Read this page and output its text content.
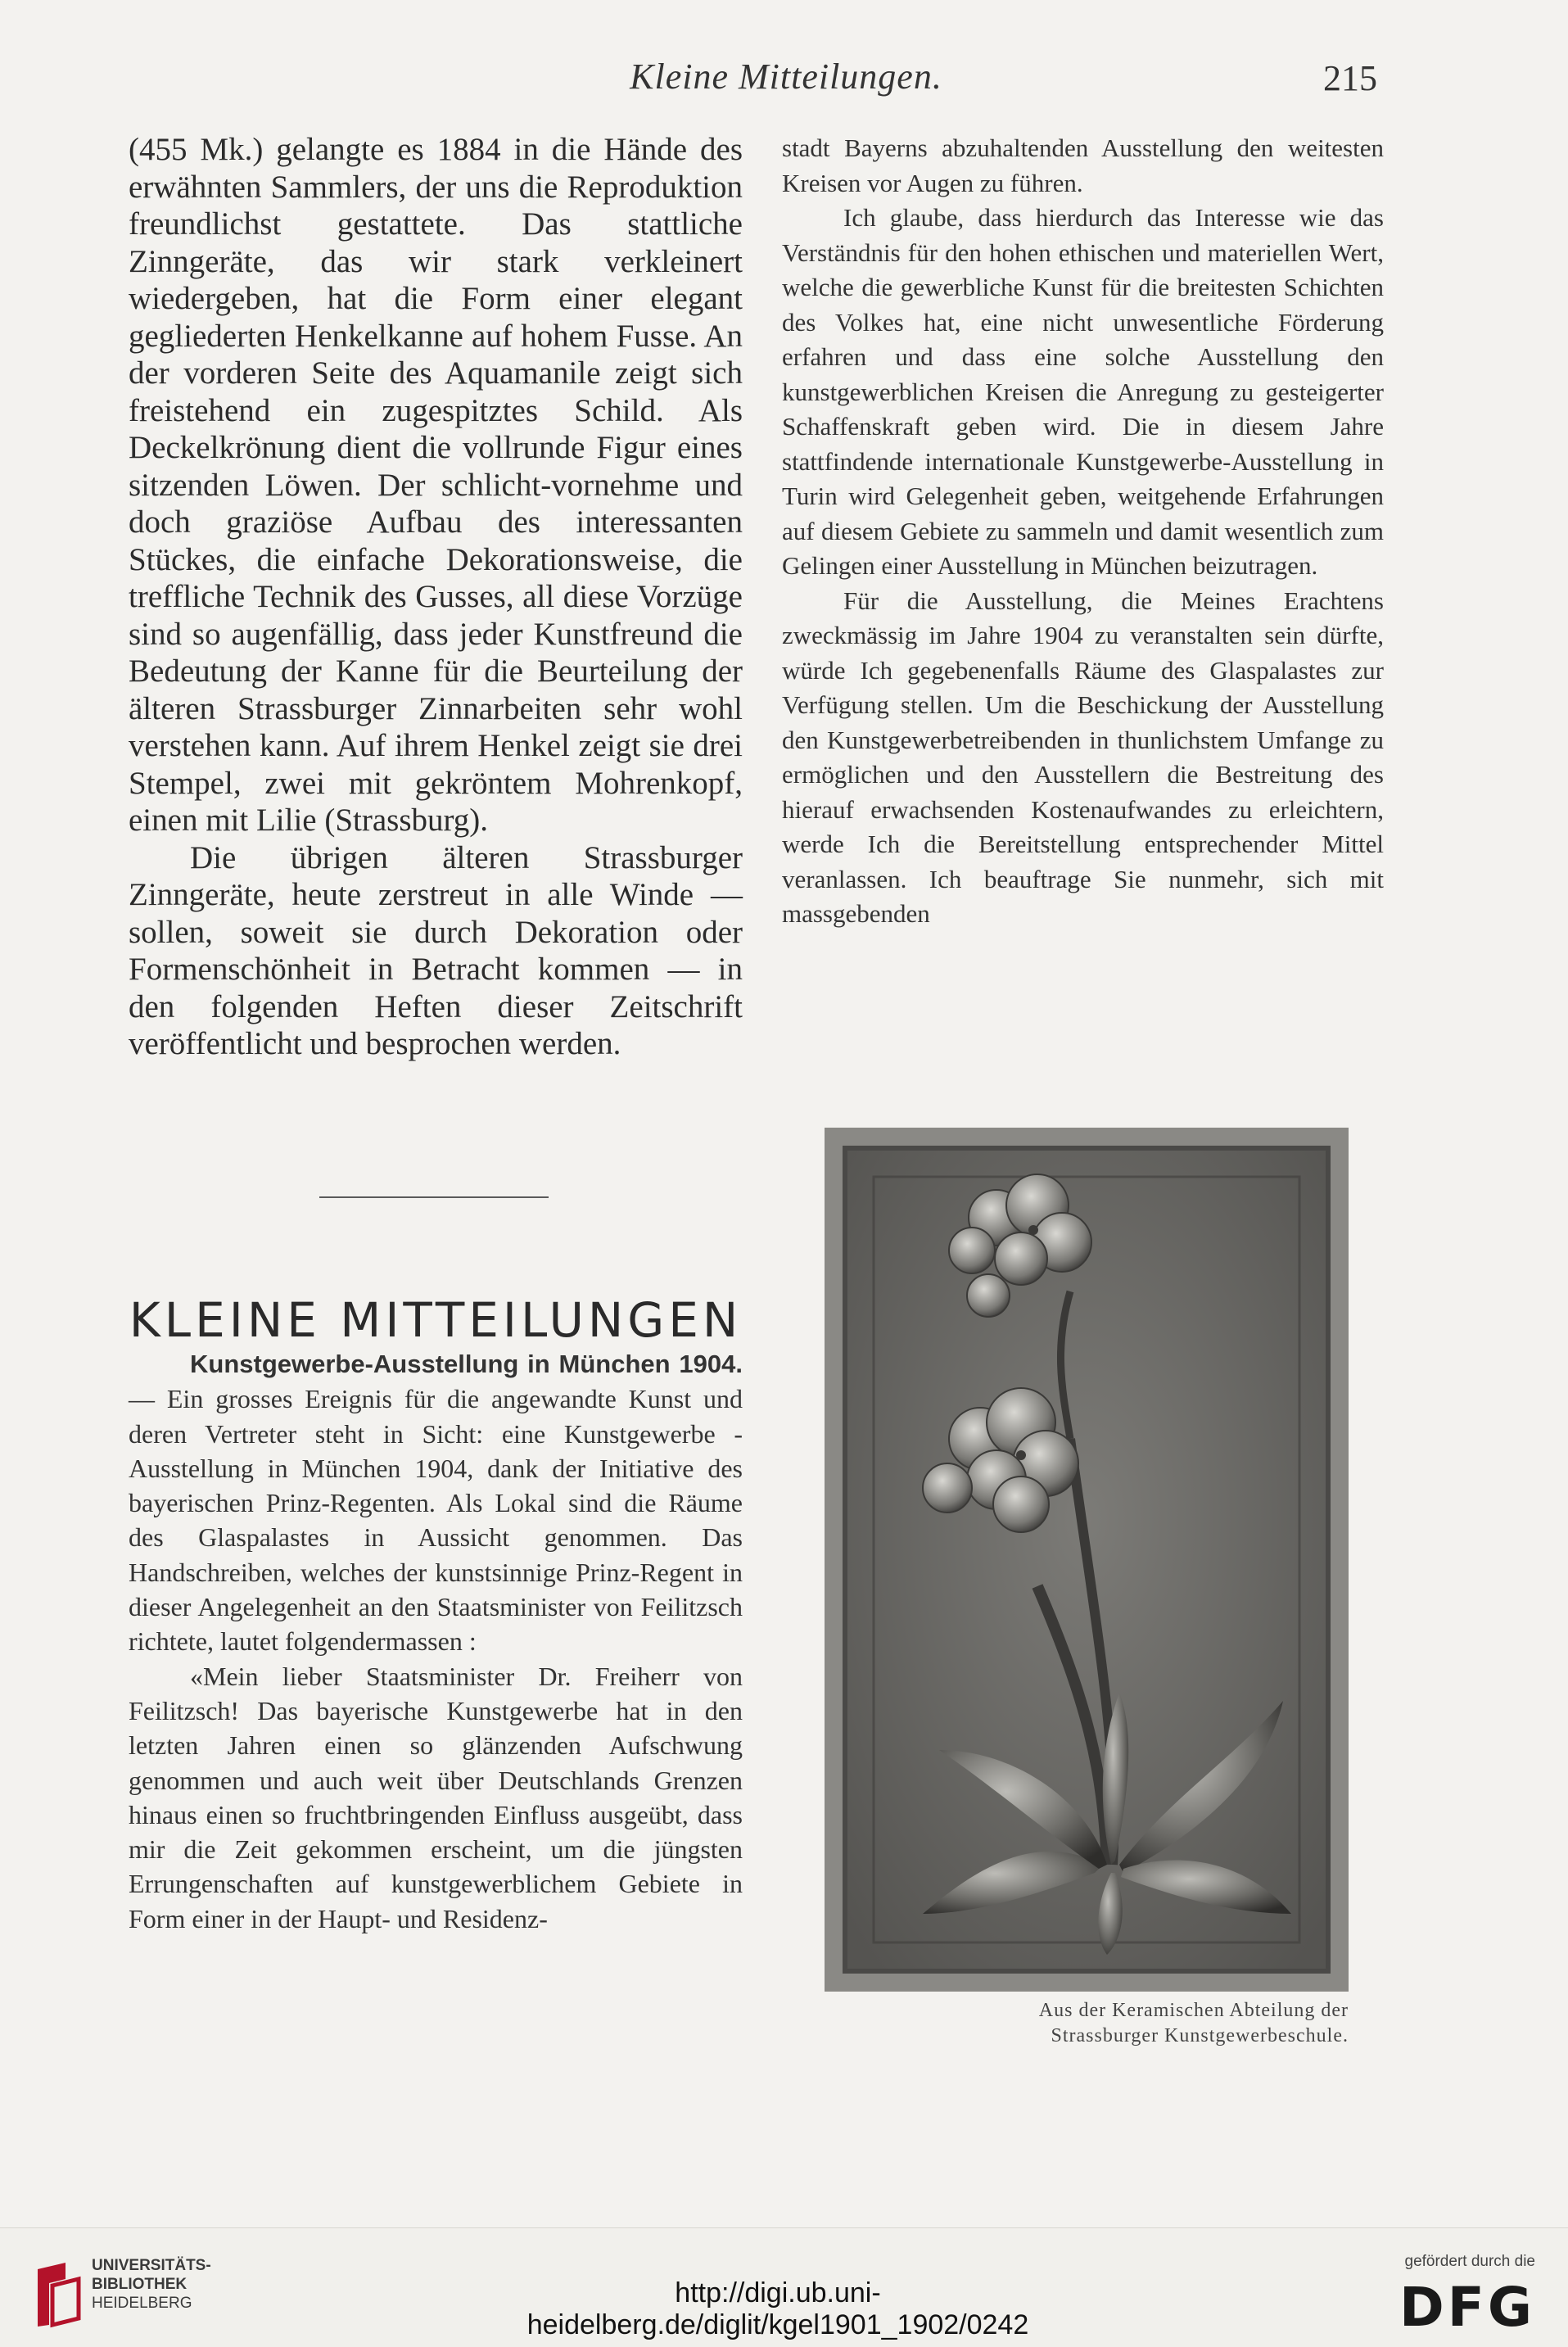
Kleine Mitteilungen.	215

(455 Mk.) gelangte es 1884 in die Hände des erwähnten Sammlers, der uns die Reproduktion freundlichst gestattete. Das stattliche Zinngeräte, das wir stark verkleinert wiedergeben, hat die Form einer elegant gegliederten Henkelkanne auf hohem Fusse. An der vorderen Seite des Aquamanile zeigt sich freistehend ein zugespitztes Schild. Als Deckelkrönung dient die vollrunde Figur eines sitzenden Löwen. Der schlicht-vornehme und doch graziöse Aufbau des interessanten Stückes, die einfache Dekorationsweise, die treffliche Technik des Gusses, all diese Vorzüge sind so augenfällig, dass jeder Kunstfreund die Bedeutung der Kanne für die Beurteilung der älteren Strassburger Zinnarbeiten sehr wohl verstehen kann. Auf ihrem Henkel zeigt sie drei Stempel, zwei mit gekröntem Mohrenkopf, einen mit Lilie (Strassburg).

Die übrigen älteren Strassburger Zinngeräte, heute zerstreut in alle Winde — sollen, soweit sie durch Dekoration oder Formenschönheit in Betracht kommen — in den folgenden Heften dieser Zeitschrift veröffentlicht und besprochen werden.

KLEINE MITTEILUNGEN

Kunstgewerbe-Ausstellung in München 1904. — Ein grosses Ereignis für die angewandte Kunst und deren Vertreter steht in Sicht: eine Kunstgewerbe - Ausstellung in München 1904, dank der Initiative des bayerischen Prinz-Regenten. Als Lokal sind die Räume des Glaspalastes in Aussicht genommen. Das Handschreiben, welches der kunstsinnige Prinz-Regent in dieser Angelegenheit an den Staatsminister von Feilitzsch richtete, lautet folgendermassen :

«Mein lieber Staatsminister Dr. Freiherr von Feilitzsch! Das bayerische Kunstgewerbe hat in den letzten Jahren einen so glänzenden Aufschwung genommen und auch weit über Deutschlands Grenzen hinaus einen so fruchtbringenden Einfluss ausgeübt, dass mir die Zeit gekommen erscheint, um die jüngsten Errungenschaften auf kunstgewerblichem Gebiete in Form einer in der Haupt- und Residenz-

stadt Bayerns abzuhaltenden Ausstellung den weitesten Kreisen vor Augen zu führen.

Ich glaube, dass hierdurch das Interesse wie das Verständnis für den hohen ethischen und materiellen Wert, welche die gewerbliche Kunst für die breitesten Schichten des Volkes hat, eine nicht unwesentliche Förderung erfahren und dass eine solche Ausstellung den kunstgewerblichen Kreisen die Anregung zu gesteigerter Schaffenskraft geben wird. Die in diesem Jahre stattfindende internationale Kunstgewerbe-Ausstellung in Turin wird Gelegenheit geben, weitgehende Erfahrungen auf diesem Gebiete zu sammeln und damit wesentlich zum Gelingen einer Ausstellung in München beizutragen.

Für die Ausstellung, die Meines Erachtens zweckmässig im Jahre 1904 zu veranstalten sein dürfte, würde Ich gegebenenfalls Räume des Glaspalastes zur Verfügung stellen. Um die Beschickung der Ausstellung den Kunstgewerbetreibenden in thunlichstem Umfange zu ermöglichen und den Ausstellern die Bestreitung des hierauf erwachsenden Kostenaufwandes zu erleichtern, werde Ich die Bereitstellung entsprechender Mittel veranlassen. Ich beauftrage Sie nunmehr, sich mit massgebenden

Aus der Keramischen Abteilung der
Strassburger Kunstgewerbeschule.
UNIVERSITÄTS-
BIBLIOTHEK
HEIDELBERG	http://digi.ub.uni-heidelberg.de/diglit/kgel1901_1902/0242
gefördert durch die
DFG
